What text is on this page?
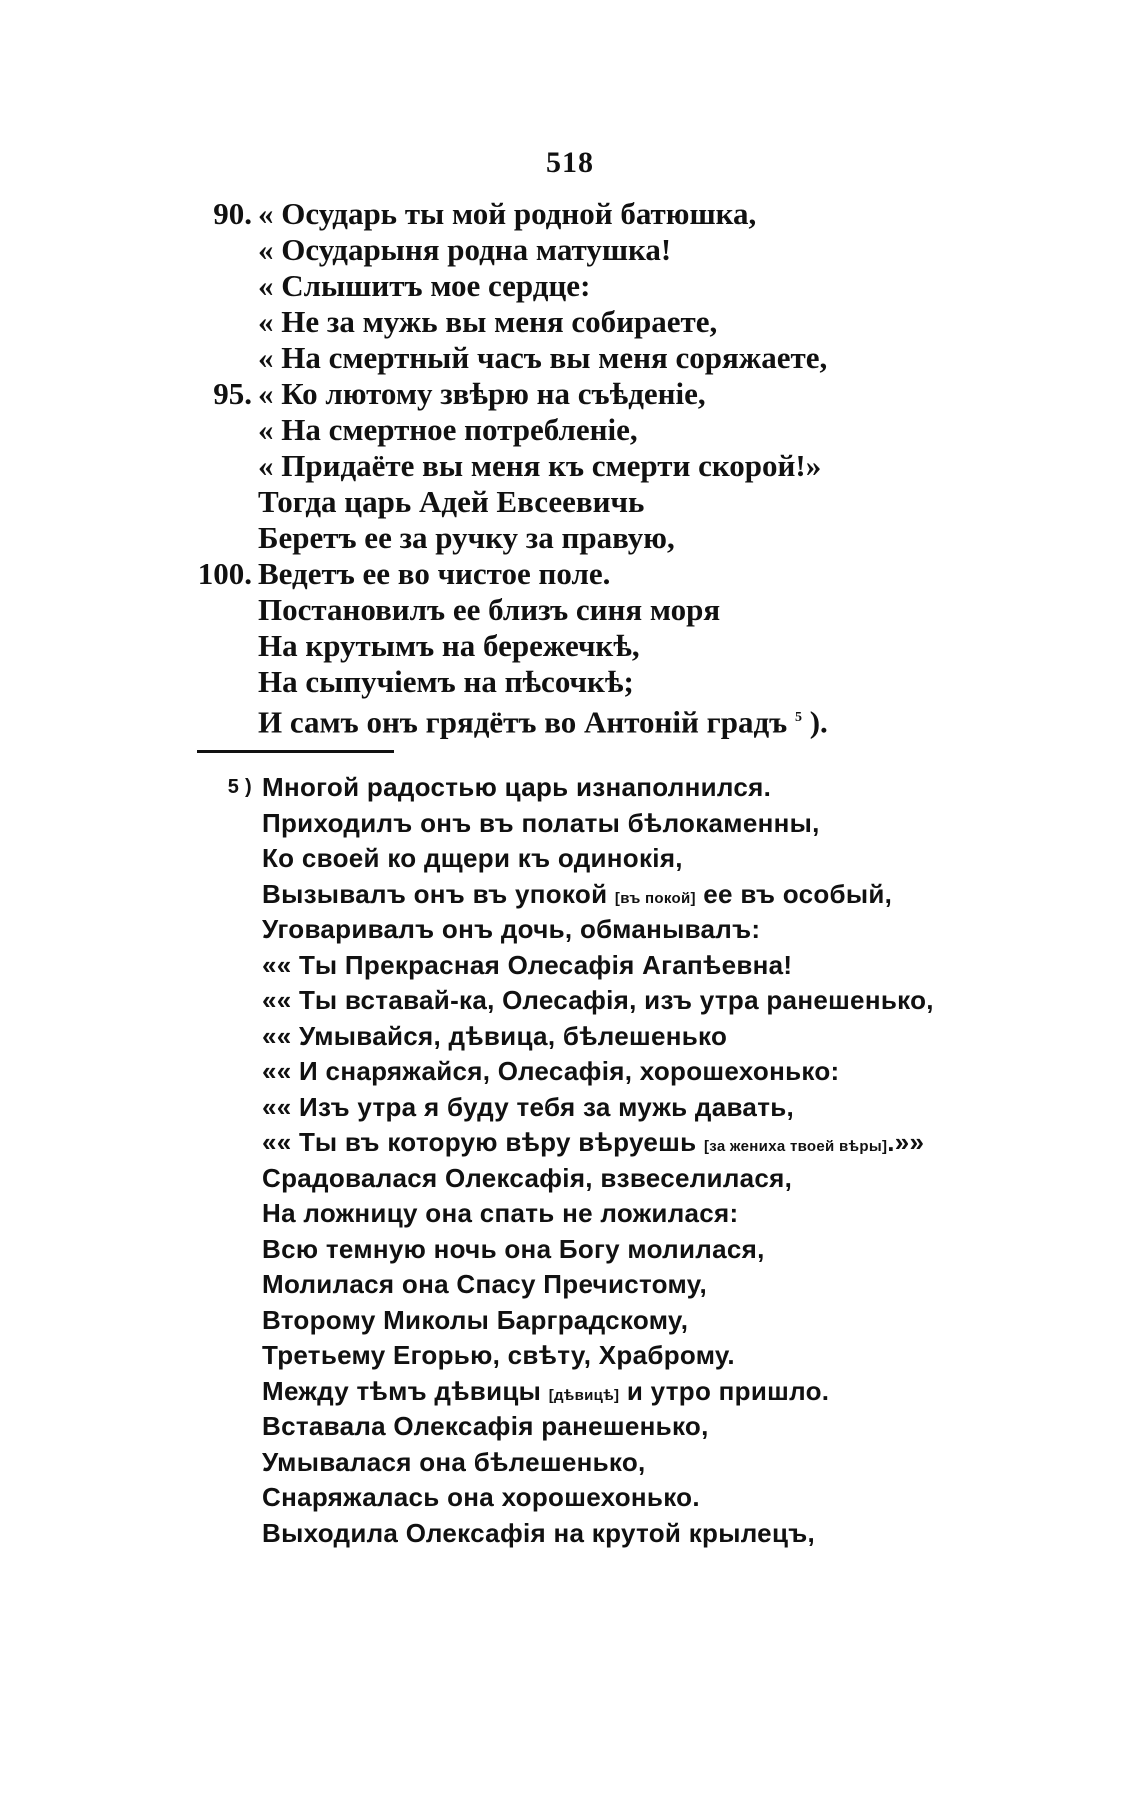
518
90. « Осударь ты мой родной батюшка,
« Осударыня родна матушка!
« Слышитъ мое сердце:
« Не за мужь вы меня собираете,
« На смертный часъ вы меня соряжаете,
95. « Ко лютому звѣрю на съѣденіе,
« На смертное потребленіе,
« Придаёте вы меня къ смерти скорой!»
Тогда царь Адей Евсеевичь
Беретъ ее за ручку за правую,
100. Ведетъ ее во чистое поле.
Постановилъ ее близъ синя моря
На крутымъ на бережечкѣ,
На сыпучіемъ на пѣсочкѣ;
И самъ онъ грядётъ во Антоній градъ $^5$ ).
5 ) Многой радостью царь изнаполнился.
Приходилъ онъ въ полаты бѣлокаменны,
Ко своей ко дщери къ одинокія,
Вызывалъ онъ въ упокой [въ покой] ее въ особый,
Уговаривалъ онъ дочь, обманывалъ:
«« Ты Прекрасная Олесафія Агапѣевна!
«« Ты вставай-ка, Олесафія, изъ утра ранешенько,
«« Умывайся, дѣвица, бѣлешенько
«« И снаряжайся, Олесафія, хорошехонько:
«« Изъ утра я буду тебя за мужь давать,
«« Ты въ которую вѣру вѣруешь [за жениха твоей вѣры].»»
Срадовалася Олексафія, взвеселилася,
На ложницу она спать не ложилася:
Всю темную ночь она Богу молилася,
Молилася она Спасу Пречистому,
Второму Миколы Барградскому,
Третьему Егорью, свѣту, Храброму.
Между тѣмъ дѣвицы [дѣвицѣ] и утро пришло.
Вставала Олексафія ранешенько,
Умывалася она бѣлешенько,
Снаряжалась она хорошехонько.
Выходила Олексафія на крутой крылецъ,
